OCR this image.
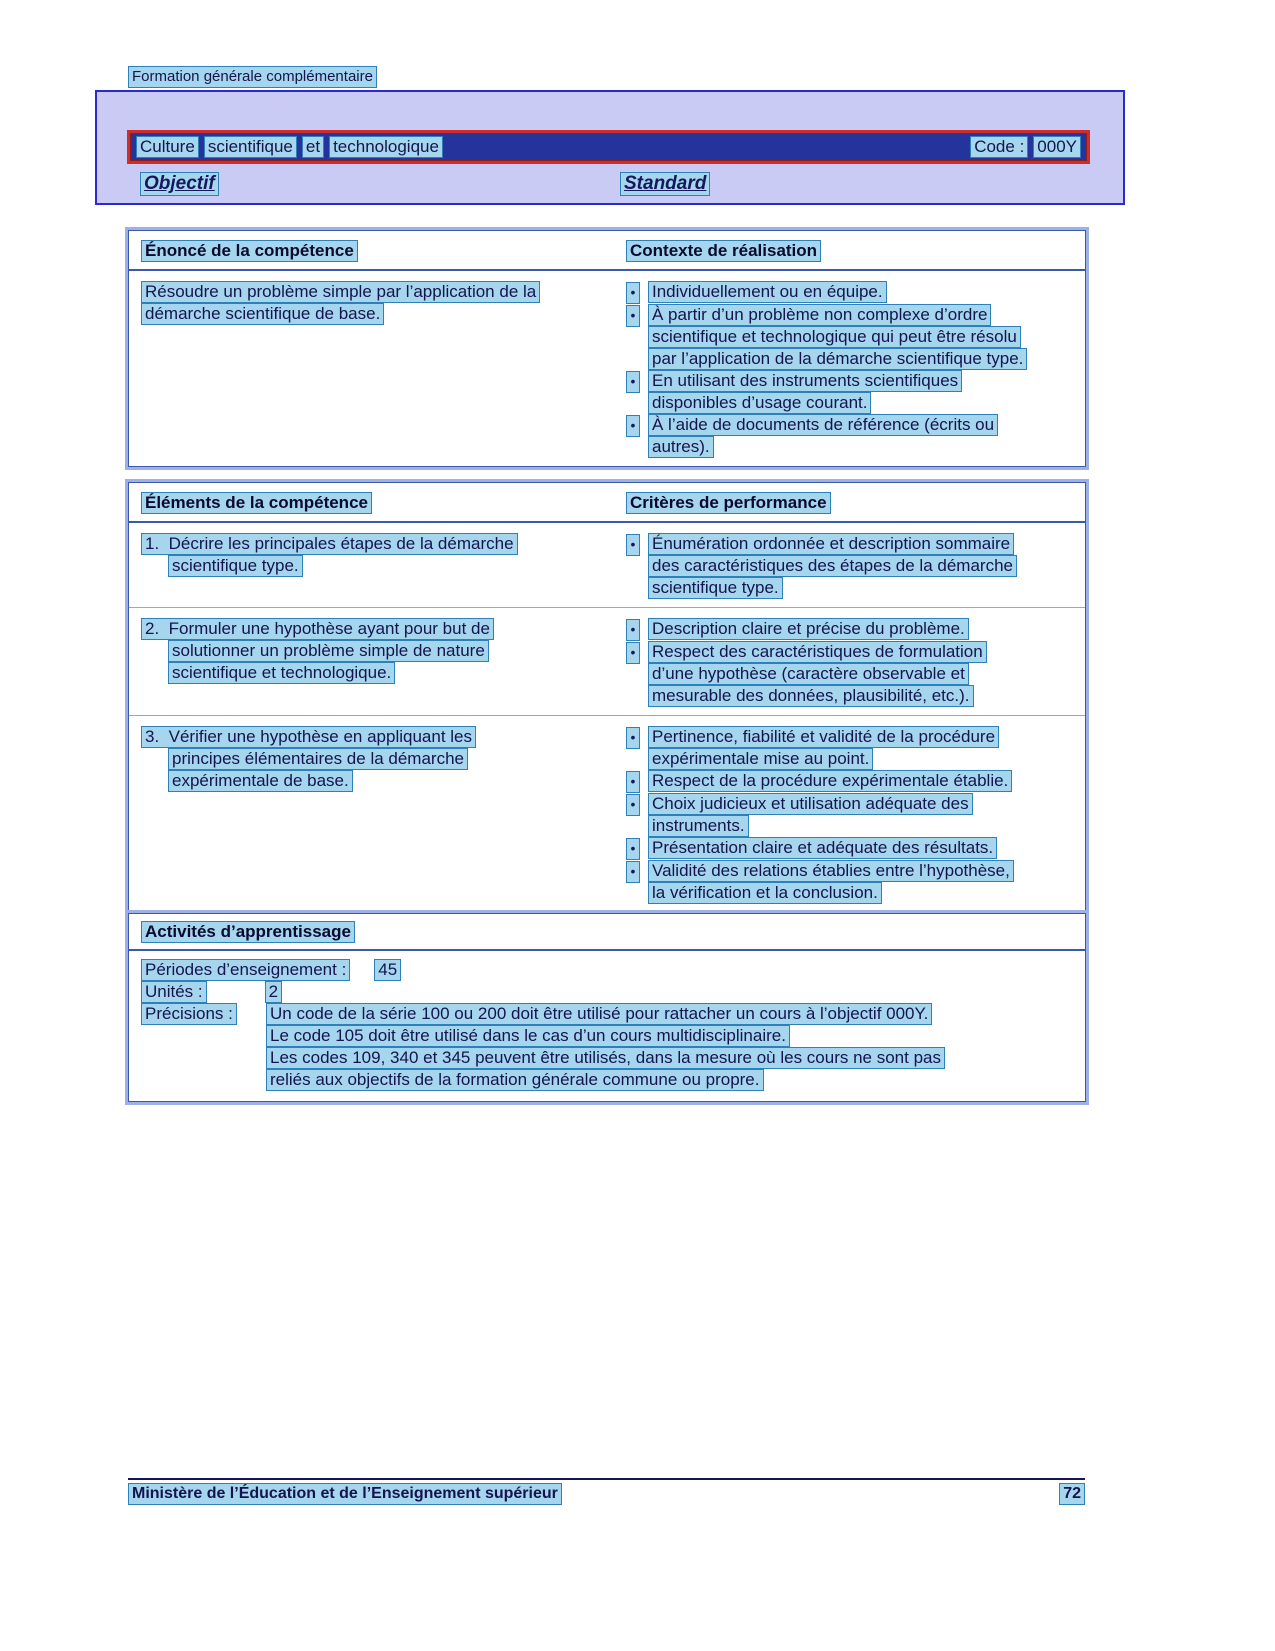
Formation générale complémentaire
Culture scientifique et technologique	Code : 000Y
Objectif	Standard
Énoncé de la compétence	Contexte de réalisation
Résoudre un problème simple par l’application de la
démarche scientifique de base.
•
Individuellement ou en équipe.
•
À partir d’un problème non complexe d’ordre
scientifique et technologique qui peut être résolu
par l’application de la démarche scientifique type.
•
En utilisant des instruments scientifiques
disponibles d’usage courant.
•
À l’aide de documents de référence (écrits ou
autres).
Éléments de la compétence	Critères de performance
1.  Décrire les principales étapes de la démarche
scientifique type.
•
Énumération ordonnée et description sommaire
des caractéristiques des étapes de la démarche
scientifique type.
2.  Formuler une hypothèse ayant pour but de
solutionner un problème simple de nature
scientifique et technologique.
•
Description claire et précise du problème.
•
Respect des caractéristiques de formulation
d’une hypothèse (caractère observable et
mesurable des données, plausibilité, etc.).
3.  Vérifier une hypothèse en appliquant les
principes élémentaires de la démarche
expérimentale de base.
•
Pertinence, fiabilité et validité de la procédure
expérimentale mise au point.
•
Respect de la procédure expérimentale établie.
•
Choix judicieux et utilisation adéquate des
instruments.
•
Présentation claire et adéquate des résultats.
•
Validité des relations établies entre l’hypothèse,
la vérification et la conclusion.
Activités d’apprentissage
Périodes d’enseignement : 45
Unités :	2
Précisions :	Un code de la série 100 ou 200 doit être utilisé pour rattacher un cours à l’objectif 000Y.
Le code 105 doit être utilisé dans le cas d’un cours multidisciplinaire.
Les codes 109, 340 et 345 peuvent être utilisés, dans la mesure où les cours ne sont pas
reliés aux objectifs de la formation générale commune ou propre.
Ministère de l’Éducation et de l’Enseignement supérieur	72
